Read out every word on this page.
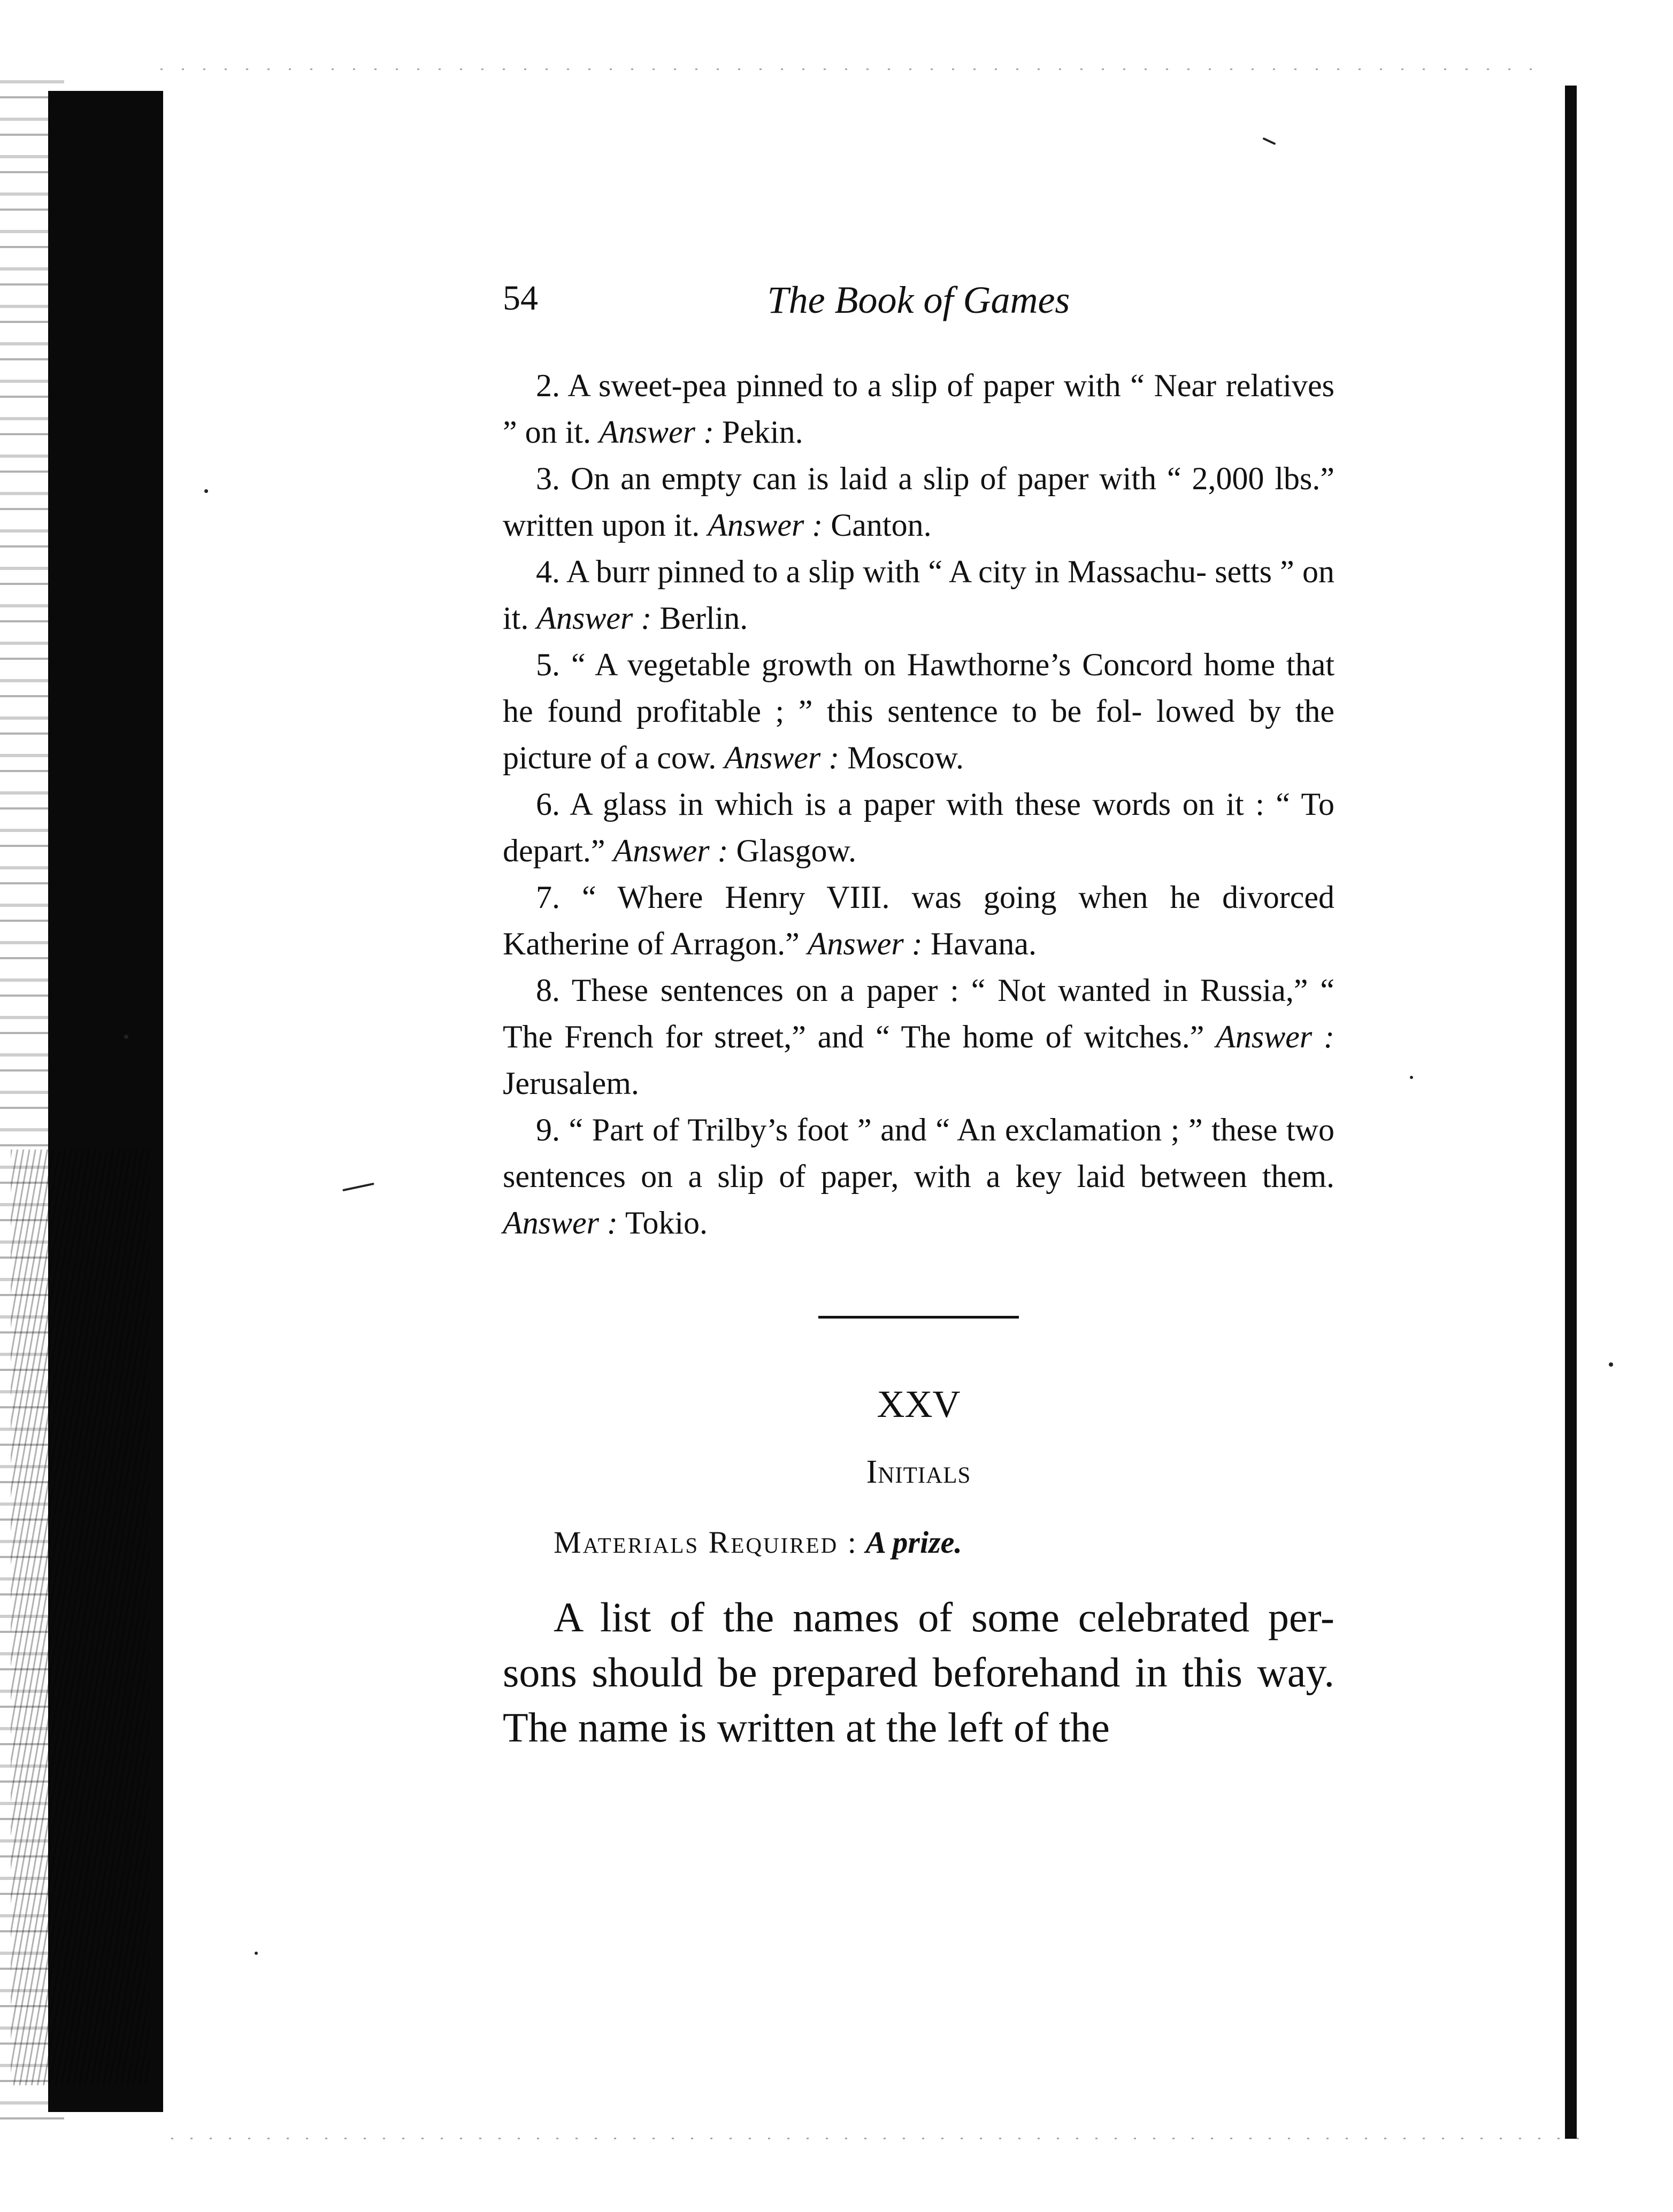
54	The Book of Games

2. A sweet-pea pinned to a slip of paper with “ Near relatives ” on it. Answer : Pekin.

3. On an empty can is laid a slip of paper with “ 2,000 lbs.” written upon it. Answer : Canton.

4. A burr pinned to a slip with “ A city in Massachu- setts ” on it. Answer : Berlin.

5. “ A vegetable growth on Hawthorne’s Concord home that he found profitable ; ” this sentence to be fol- lowed by the picture of a cow. Answer : Moscow.

6. A glass in which is a paper with these words on it : “ To depart.” Answer : Glasgow.

7. “ Where Henry VIII. was going when he divorced Katherine of Arragon.” Answer : Havana.

8. These sentences on a paper : “ Not wanted in Russia,” “ The French for street,” and “ The home of witches.” Answer : Jerusalem.

9. “ Part of Trilby’s foot ” and “ An exclamation ; ” these two sentences on a slip of paper, with a key laid between them. Answer : Tokio.

XXV
Initials
Materials Required : A prize.

A list of the names of some celebrated per- sons should be prepared beforehand in this way. The name is written at the left of the
